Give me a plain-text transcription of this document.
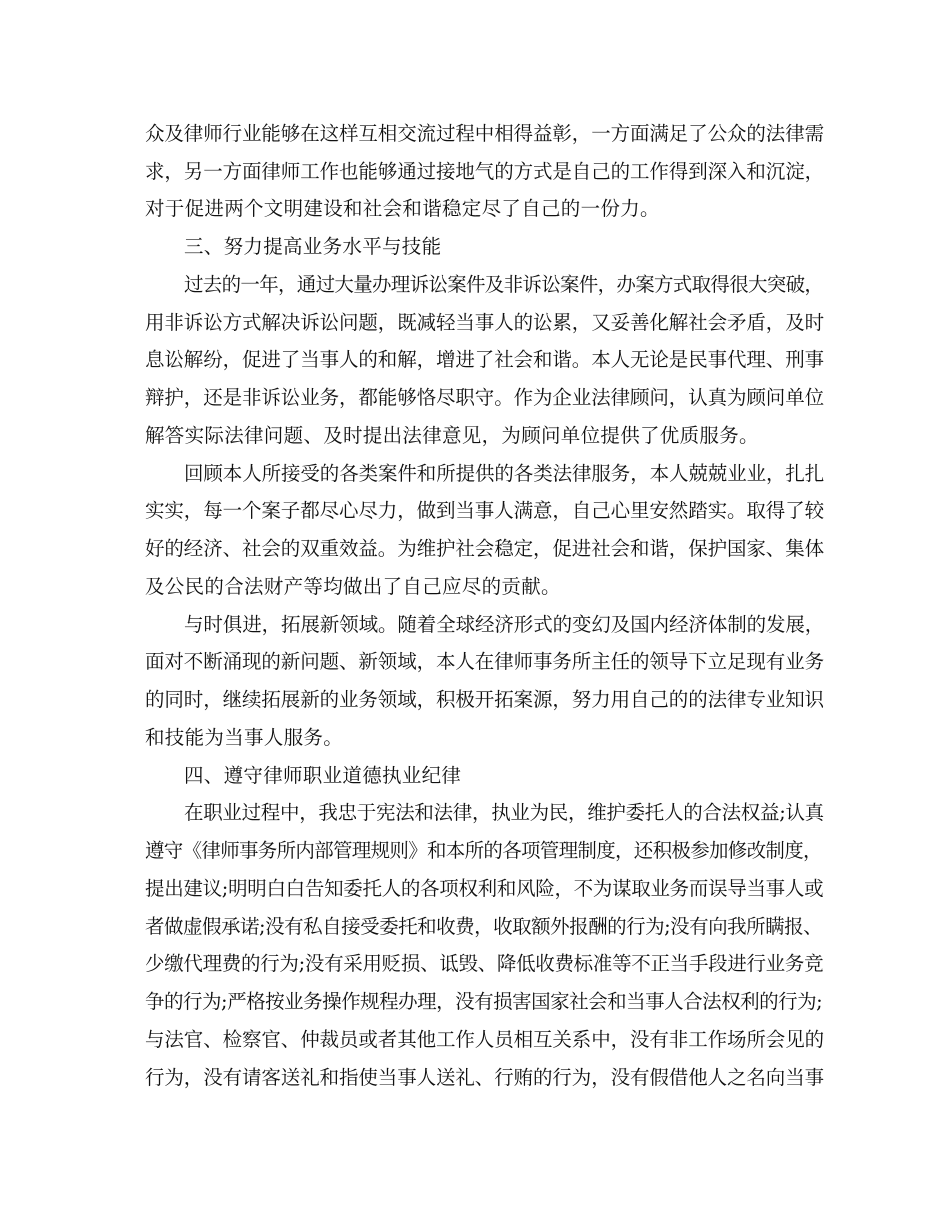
众及律师行业能够在这样互相交流过程中相得益彰，一方面满足了公众的法律需
求，另一方面律师工作也能够通过接地气的方式是自己的工作得到深入和沉淀，
对于促进两个文明建设和社会和谐稳定尽了自己的一份力。
三、努力提高业务水平与技能
过去的一年，通过大量办理诉讼案件及非诉讼案件，办案方式取得很大突破，
用非诉讼方式解决诉讼问题，既减轻当事人的讼累，又妥善化解社会矛盾，及时
息讼解纷，促进了当事人的和解，增进了社会和谐。本人无论是民事代理、刑事
辩护，还是非诉讼业务，都能够恪尽职守。作为企业法律顾问，认真为顾问单位
解答实际法律问题、及时提出法律意见，为顾问单位提供了优质服务。
回顾本人所接受的各类案件和所提供的各类法律服务，本人兢兢业业，扎扎
实实，每一个案子都尽心尽力，做到当事人满意，自己心里安然踏实。取得了较
好的经济、社会的双重效益。为维护社会稳定，促进社会和谐，保护国家、集体
及公民的合法财产等均做出了自己应尽的贡献。
与时俱进，拓展新领域。随着全球经济形式的变幻及国内经济体制的发展，
面对不断涌现的新问题、新领域，本人在律师事务所主任的领导下立足现有业务
的同时，继续拓展新的业务领域，积极开拓案源，努力用自己的的法律专业知识
和技能为当事人服务。
四、遵守律师职业道德执业纪律
在职业过程中，我忠于宪法和法律，执业为民，维护委托人的合法权益;认真
遵守《律师事务所内部管理规则》和本所的各项管理制度，还积极参加修改制度，
提出建议;明明白白告知委托人的各项权利和风险，不为谋取业务而误导当事人或
者做虚假承诺;没有私自接受委托和收费，收取额外报酬的行为;没有向我所瞒报、
少缴代理费的行为;没有采用贬损、诋毁、降低收费标准等不正当手段进行业务竞
争的行为;严格按业务操作规程办理，没有损害国家社会和当事人合法权利的行为;
与法官、检察官、仲裁员或者其他工作人员相互关系中，没有非工作场所会见的
行为，没有请客送礼和指使当事人送礼、行贿的行为，没有假借他人之名向当事
